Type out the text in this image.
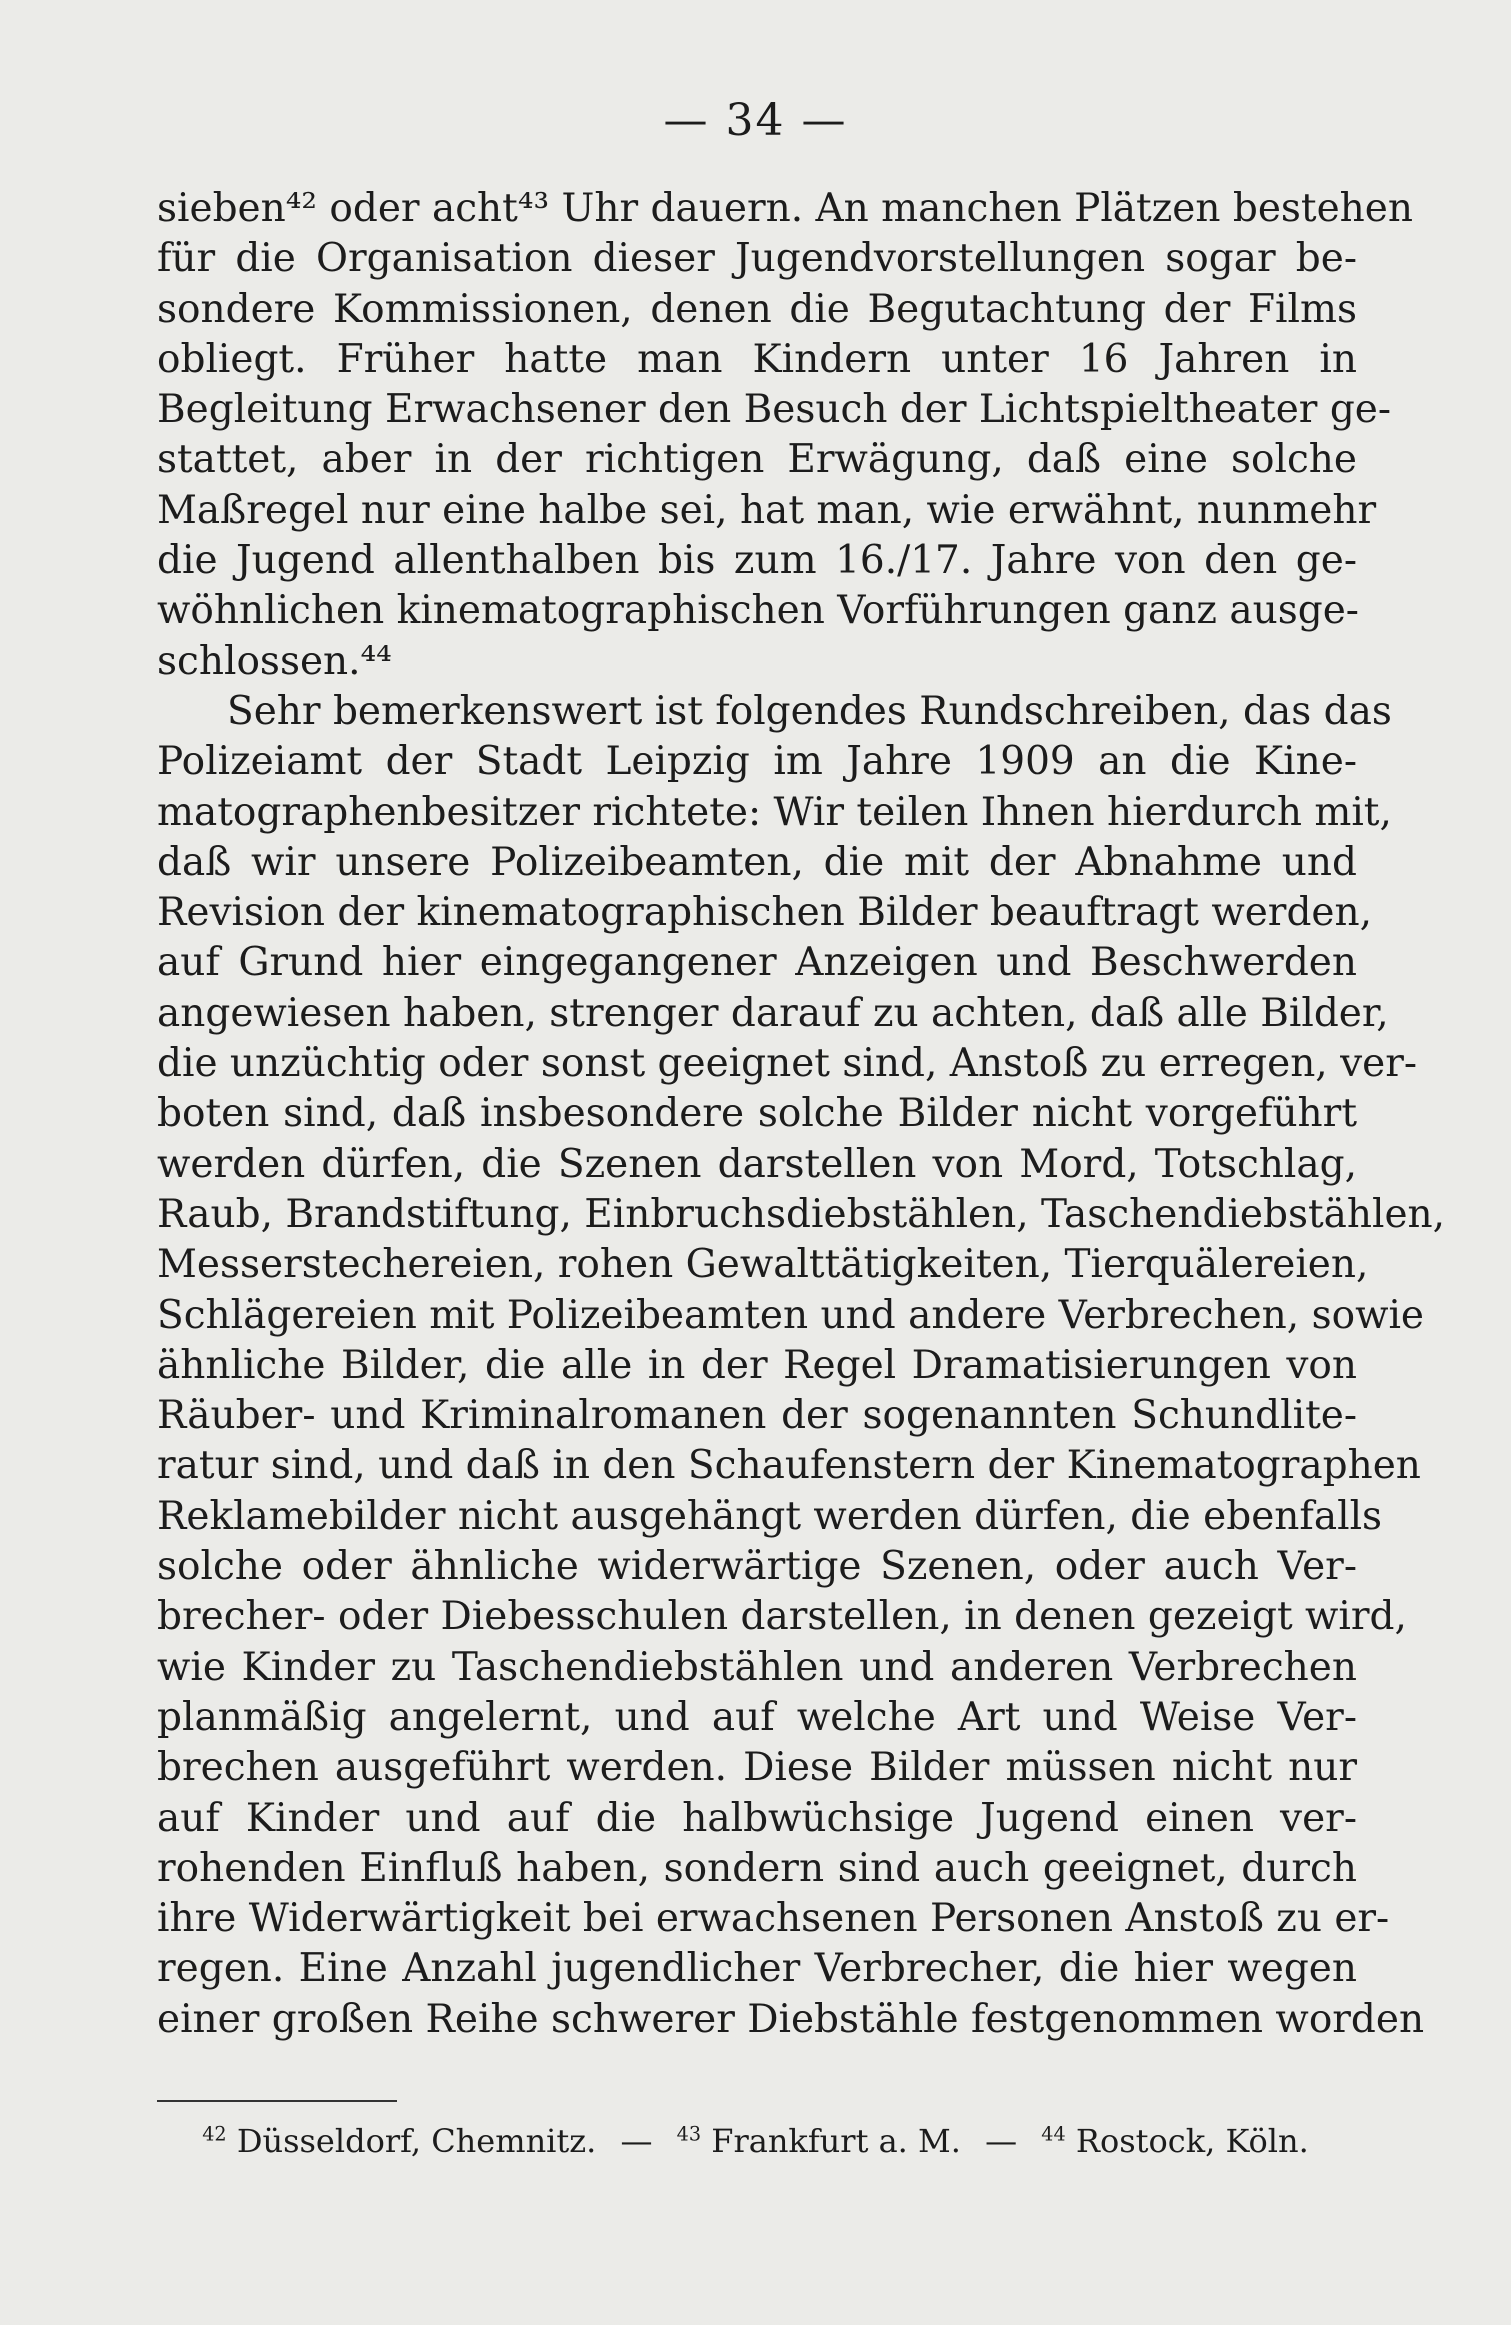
— 34 —
sieben⁴² oder acht⁴³ Uhr dauern. An manchen Plätzen bestehen
für die Organisation dieser Jugendvorstellungen sogar be-
sondere Kommissionen, denen die Begutachtung der Films
obliegt. Früher hatte man Kindern unter 16 Jahren in
Begleitung Erwachsener den Besuch der Lichtspieltheater ge-
stattet, aber in der richtigen Erwägung, daß eine solche
Maßregel nur eine halbe sei, hat man, wie erwähnt, nunmehr
die Jugend allenthalben bis zum 16./17. Jahre von den ge-
wöhnlichen kinematographischen Vorführungen ganz ausge-
schlossen.⁴⁴
Sehr bemerkenswert ist folgendes Rundschreiben, das das
Polizeiamt der Stadt Leipzig im Jahre 1909 an die Kine-
matographenbesitzer richtete: Wir teilen Ihnen hierdurch mit,
daß wir unsere Polizeibeamten, die mit der Abnahme und
Revision der kinematographischen Bilder beauftragt werden,
auf Grund hier eingegangener Anzeigen und Beschwerden
angewiesen haben, strenger darauf zu achten, daß alle Bilder,
die unzüchtig oder sonst geeignet sind, Anstoß zu erregen, ver-
boten sind, daß insbesondere solche Bilder nicht vorgeführt
werden dürfen, die Szenen darstellen von Mord, Totschlag,
Raub, Brandstiftung, Einbruchsdiebstählen, Taschendiebstählen,
Messerstechereien, rohen Gewalttätigkeiten, Tierquälereien,
Schlägereien mit Polizeibeamten und andere Verbrechen, sowie
ähnliche Bilder, die alle in der Regel Dramatisierungen von
Räuber- und Kriminalromanen der sogenannten Schundlite-
ratur sind, und daß in den Schaufenstern der Kinematographen
Reklamebilder nicht ausgehängt werden dürfen, die ebenfalls
solche oder ähnliche widerwärtige Szenen, oder auch Ver-
brecher- oder Diebesschulen darstellen, in denen gezeigt wird,
wie Kinder zu Taschendiebstählen und anderen Verbrechen
planmäßig angelernt, und auf welche Art und Weise Ver-
brechen ausgeführt werden. Diese Bilder müssen nicht nur
auf Kinder und auf die halbwüchsige Jugend einen ver-
rohenden Einfluß haben, sondern sind auch geeignet, durch
ihre Widerwärtigkeit bei erwachsenen Personen Anstoß zu er-
regen. Eine Anzahl jugendlicher Verbrecher, die hier wegen
einer großen Reihe schwerer Diebstähle festgenommen worden
$^{42}$ Düsseldorf, Chemnitz. — $^{43}$ Frankfurt a. M. — $^{44}$ Rostock, Köln.
